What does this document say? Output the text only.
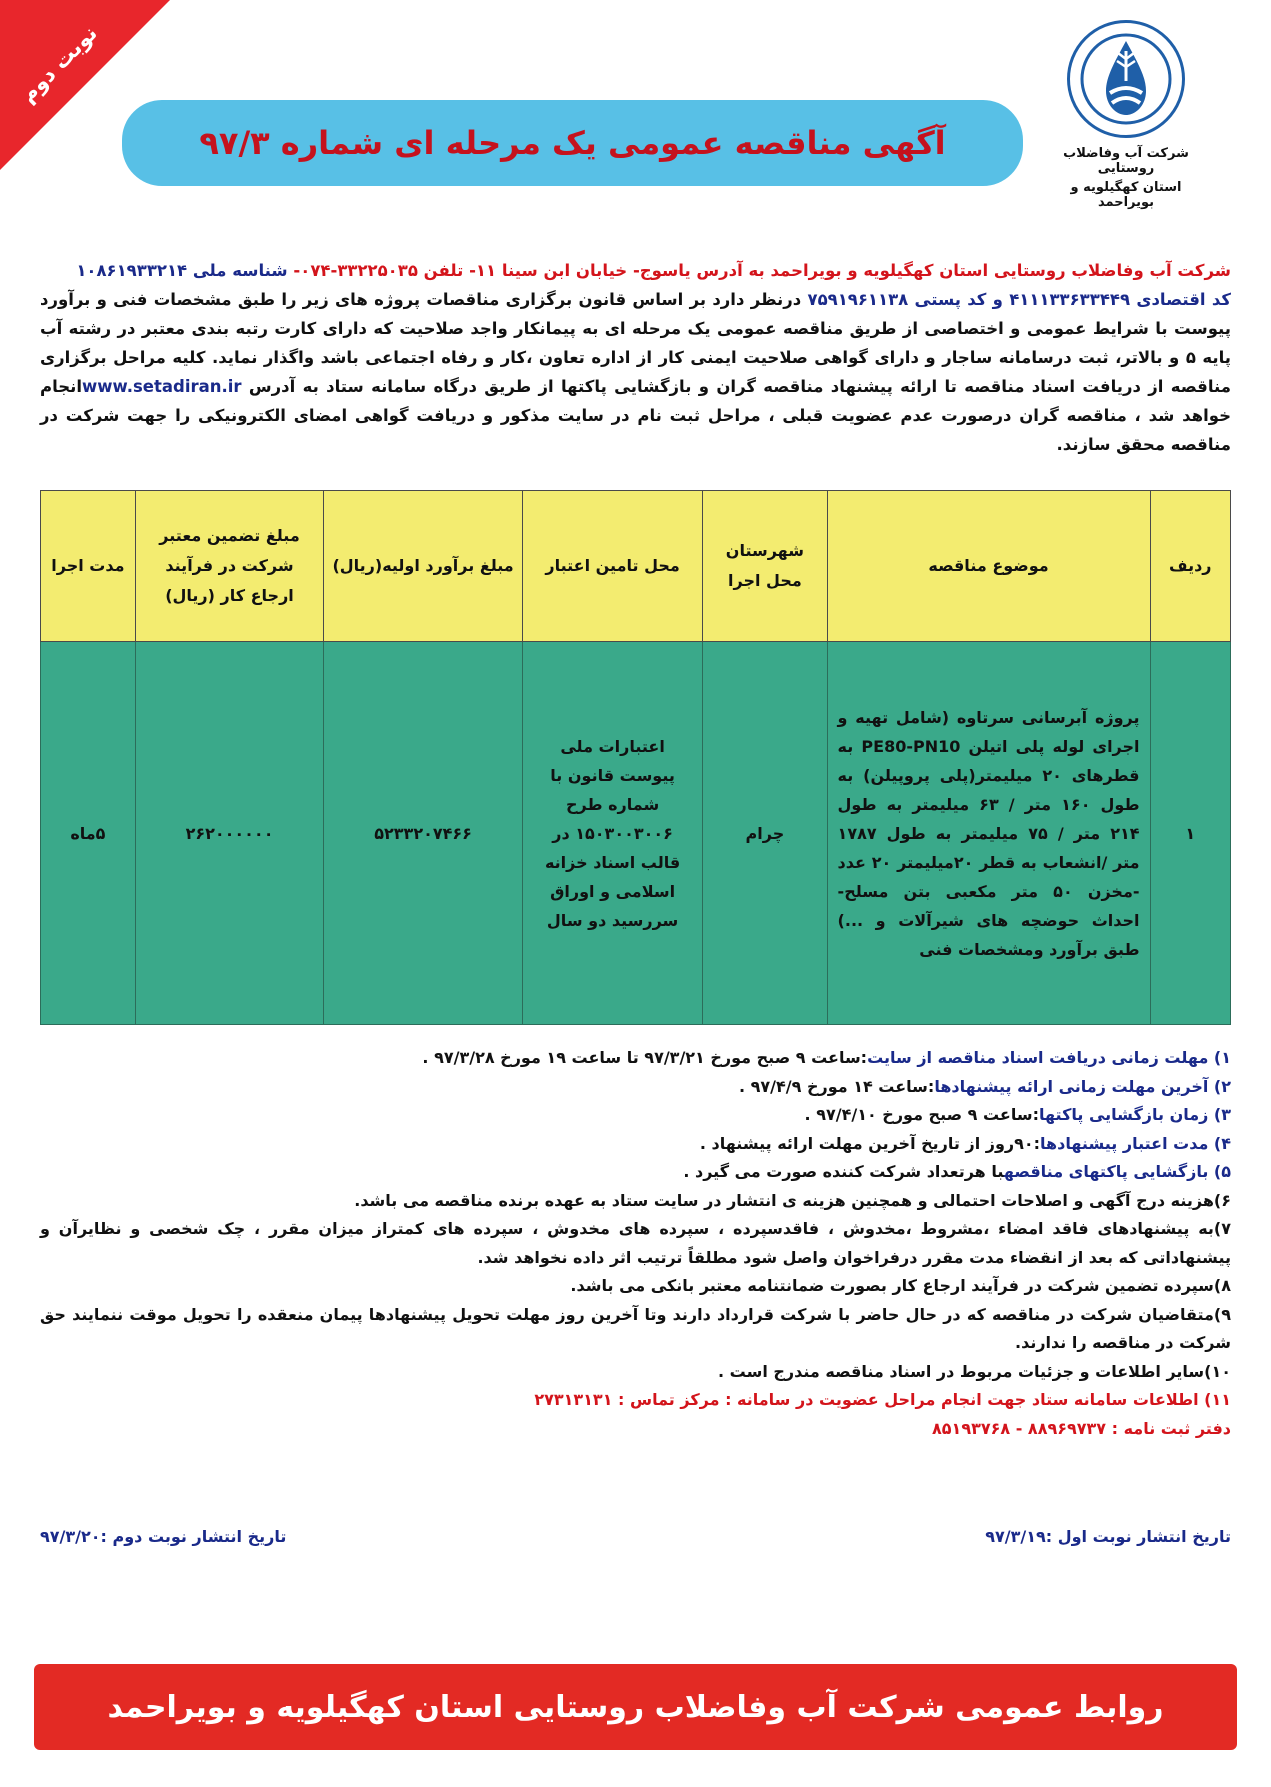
نوبت دوم
شرکت آب وفاضلاب روستایی
استان کهگیلویه و بویراحمد
آگهی مناقصه عمومی یک مرحله ای شماره ۹۷/۳

شرکت آب وفاضلاب روستایی استان کهگیلویه و بویراحمد به آدرس یاسوج- خیابان ابن سینا ۱۱- تلفن ۳۳۲۲۵۰۳۵-۰۷۴- شناسه ملی ۱۰۸۶۱۹۳۳۲۱۴

کد اقتصادی ۴۱۱۱۳۳۶۳۳۴۴۹ و کد پستی ۷۵۹۱۹۶۱۱۳۸ درنظر دارد بر اساس قانون برگزاری مناقصات پروژه های زیر را طبق مشخصات فنی و برآورد پیوست با شرایط عمومی و اختصاصی از طریق مناقصه عمومی یک مرحله ای به پیمانکار واجد صلاحیت که دارای کارت رتبه بندی معتبر در رشته آب پایه ۵ و بالاتر، ثبت درسامانه ساجار و دارای گواهی صلاحیت ایمنی کار از اداره تعاون ،کار و رفاه اجتماعی باشد واگذار نماید. کلیه مراحل برگزاری مناقصه از دریافت اسناد مناقصه تا ارائه پیشنهاد مناقصه گران و بازگشایی پاکتها از طریق درگاه سامانه ستاد به آدرس www.setadiran.irانجام خواهد شد ، مناقصه گران درصورت عدم عضویت قبلی ، مراحل ثبت نام در سایت مذکور و دریافت گواهی امضای الکترونیکی را جهت شرکت در مناقصه محقق سازند.

ردیف	موضوع مناقصه	شهرستان محل اجرا	محل تامین اعتبار	مبلغ برآورد اولیه(ریال)	مبلغ تضمین معتبر شرکت در فرآیند ارجاع کار (ریال)	مدت اجرا
۱	پروژه آبرسانی سرتاوه (شامل تهیه و اجرای لوله پلی اتیلن PE80-PN10 به قطرهای ۲۰ میلیمتر(پلی پروپیلن) به طول ۱۶۰ متر / ۶۳ میلیمتر به طول ۲۱۴ متر / ۷۵ میلیمتر به طول ۱۷۸۷ متر /انشعاب به قطر ۲۰میلیمتر ۲۰ عدد -مخزن ۵۰ متر مکعبی بتن مسلح- احداث حوضچه های شیرآلات و ...) طبق برآورد ومشخصات فنی	چرام	اعتبارات ملی پیوست قانون با شماره طرح ۱۵۰۳۰۰۳۰۰۶ در قالب اسناد خزانه اسلامی و اوراق سررسید دو سال	۵۲۳۳۲۰۷۴۶۶	۲۶۲۰۰۰۰۰۰	۵ماه

۱) مهلت زمانی دریافت اسناد مناقصه از سایت:ساعت ۹ صبح مورخ ۹۷/۳/۲۱ تا ساعت ۱۹ مورخ ۹۷/۳/۲۸ .

۲) آخرین مهلت زمانی ارائه پیشنهادها:ساعت ۱۴ مورخ ۹۷/۴/۹ .

۳) زمان بازگشایی پاکتها:ساعت ۹ صبح مورخ ۹۷/۴/۱۰ .

۴) مدت اعتبار پیشنهادها:۹۰روز از تاریخ آخرین مهلت ارائه پیشنهاد .

۵) بازگشایی پاکتهای مناقصهبا هرتعداد شرکت کننده صورت می گیرد .

۶)هزینه درج آگهی و اصلاحات احتمالی و همچنین هزینه ی انتشار در سایت ستاد به عهده برنده مناقصه می باشد.

۷)به پیشنهادهای فاقد امضاء ،مشروط ،مخدوش ، فاقدسپرده ، سپرده های مخدوش ، سپرده های کمتراز میزان مقرر ، چک شخصی و نظایرآن و پیشنهاداتی که بعد از انقضاء مدت مقرر درفراخوان واصل شود مطلقاً ترتیب اثر داده نخواهد شد.

۸)سپرده تضمین شرکت در فرآیند ارجاع کار بصورت ضمانتنامه معتبر بانکی می باشد.

۹)متقاضیان شرکت در مناقصه که در حال حاضر با شرکت قرارداد دارند وتا آخرین روز مهلت تحویل پیشنهادها پیمان منعقده را تحویل موقت ننمایند حق شرکت در مناقصه را ندارند.

۱۰)سایر اطلاعات و جزئیات مربوط در اسناد مناقصه مندرج است .

۱۱) اطلاعات سامانه ستاد جهت انجام مراحل عضویت در سامانه : مرکز تماس : ۲۷۳۱۳۱۳۱

دفتر ثبت نامه : ۸۸۹۶۹۷۳۷ - ۸۵۱۹۳۷۶۸

تاریخ انتشار نوبت اول :۹۷/۳/۱۹
تاریخ انتشار نوبت دوم :۹۷/۳/۲۰
روابط عمومی شرکت آب وفاضلاب روستایی استان کهگیلویه و بویراحمد
